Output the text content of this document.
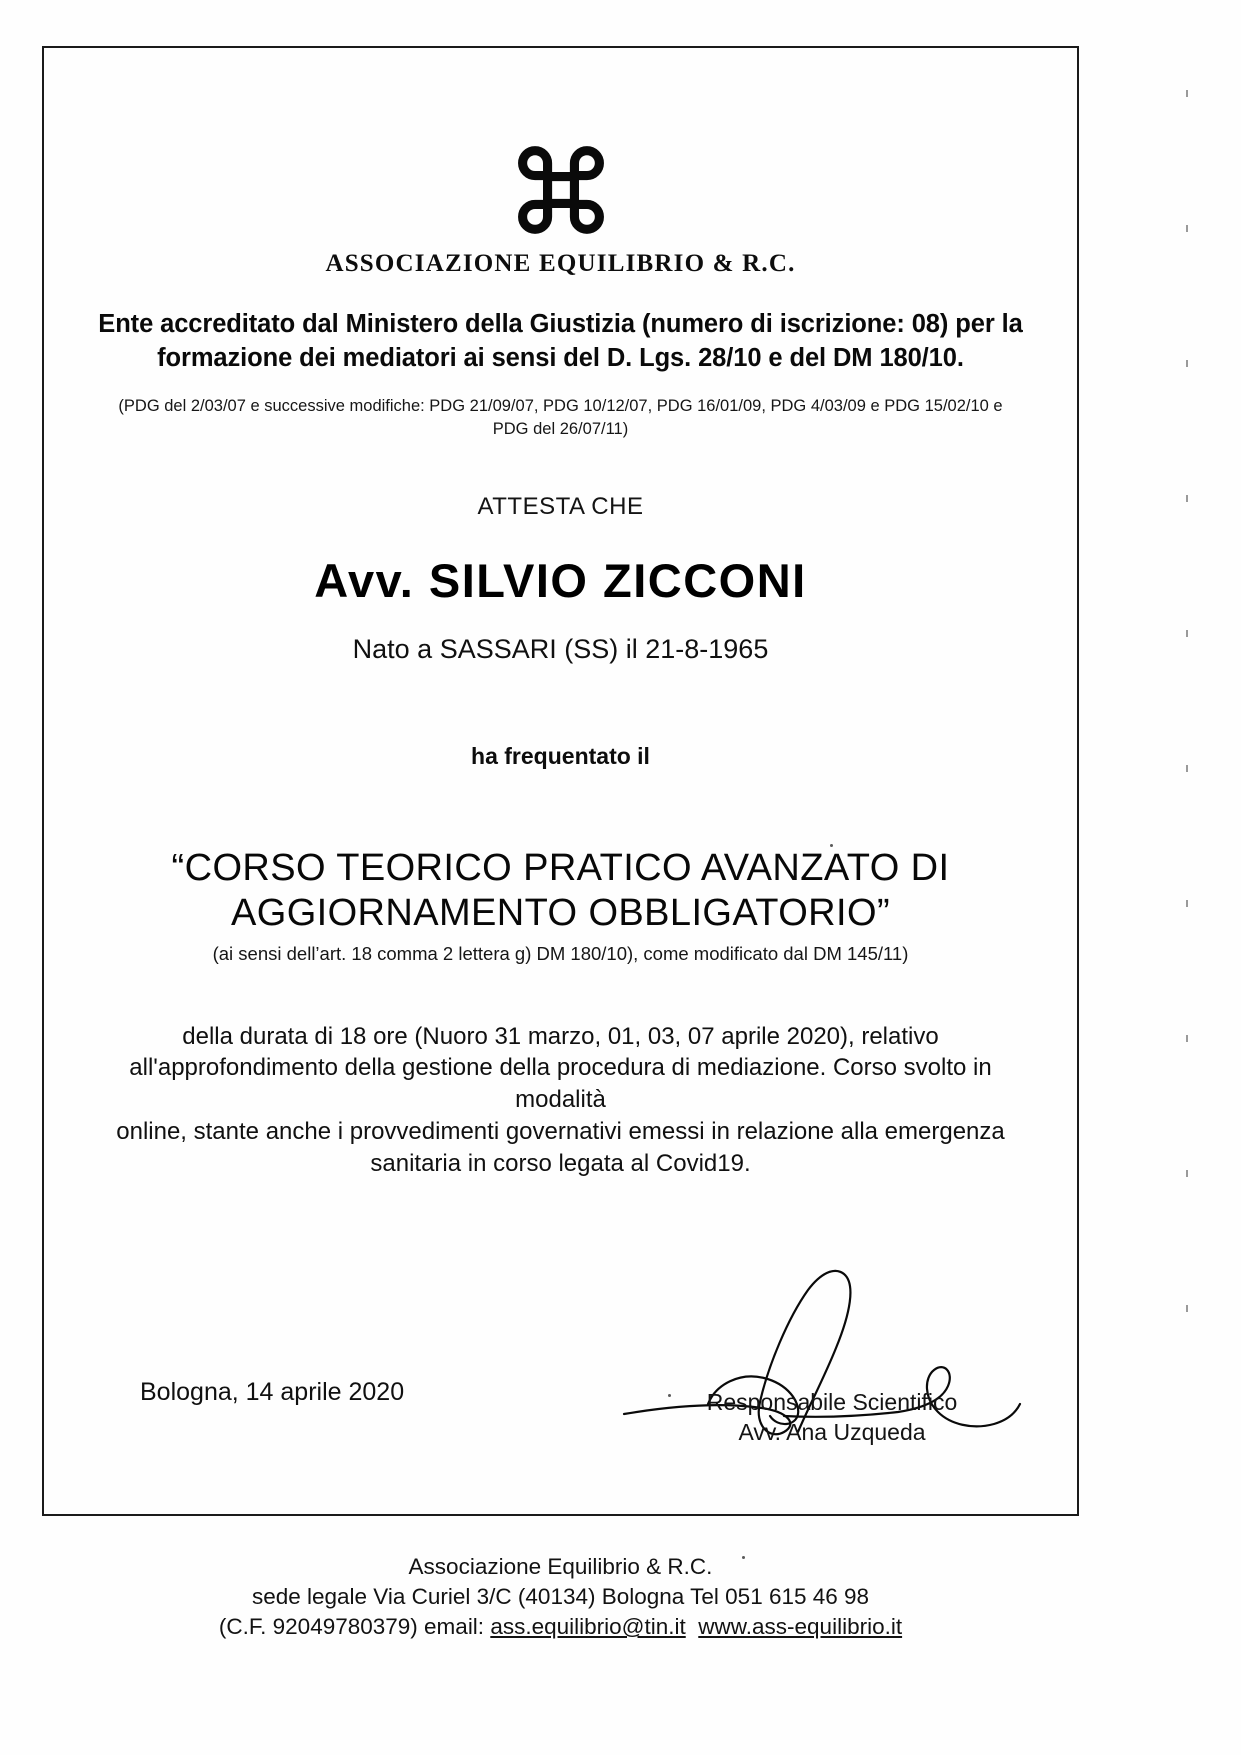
ASSOCIAZIONE EQUILIBRIO & R.C.
Ente accreditato dal Ministero della Giustizia (numero di iscrizione: 08) per la
formazione dei mediatori ai sensi del D. Lgs. 28/10 e del DM 180/10.
(PDG del 2/03/07 e successive modifiche: PDG 21/09/07, PDG 10/12/07, PDG 16/01/09, PDG 4/03/09 e PDG 15/02/10 e
PDG del 26/07/11)
ATTESTA CHE
Avv. SILVIO ZICCONI
Nato a SASSARI (SS) il 21-8-1965
ha frequentato il
“CORSO TEORICO PRATICO AVANZATO DI
AGGIORNAMENTO OBBLIGATORIO”
(ai sensi dell’art. 18 comma 2 lettera g) DM 180/10), come modificato dal DM 145/11)
della durata di 18 ore (Nuoro 31 marzo, 01, 03, 07 aprile 2020), relativo
all'approfondimento della gestione della procedura di mediazione. Corso svolto in modalità
online, stante anche i provvedimenti governativi emessi in relazione alla emergenza
sanitaria in corso legata al Covid19.
Bologna, 14 aprile 2020	Responsabile Scientifico
Avv. Ana Uzqueda
Associazione Equilibrio & R.C.
sede legale Via Curiel 3/C (40134) Bologna Tel 051 615 46 98
(C.F. 92049780379) email: ass.equilibrio@tin.it www.ass-equilibrio.it
